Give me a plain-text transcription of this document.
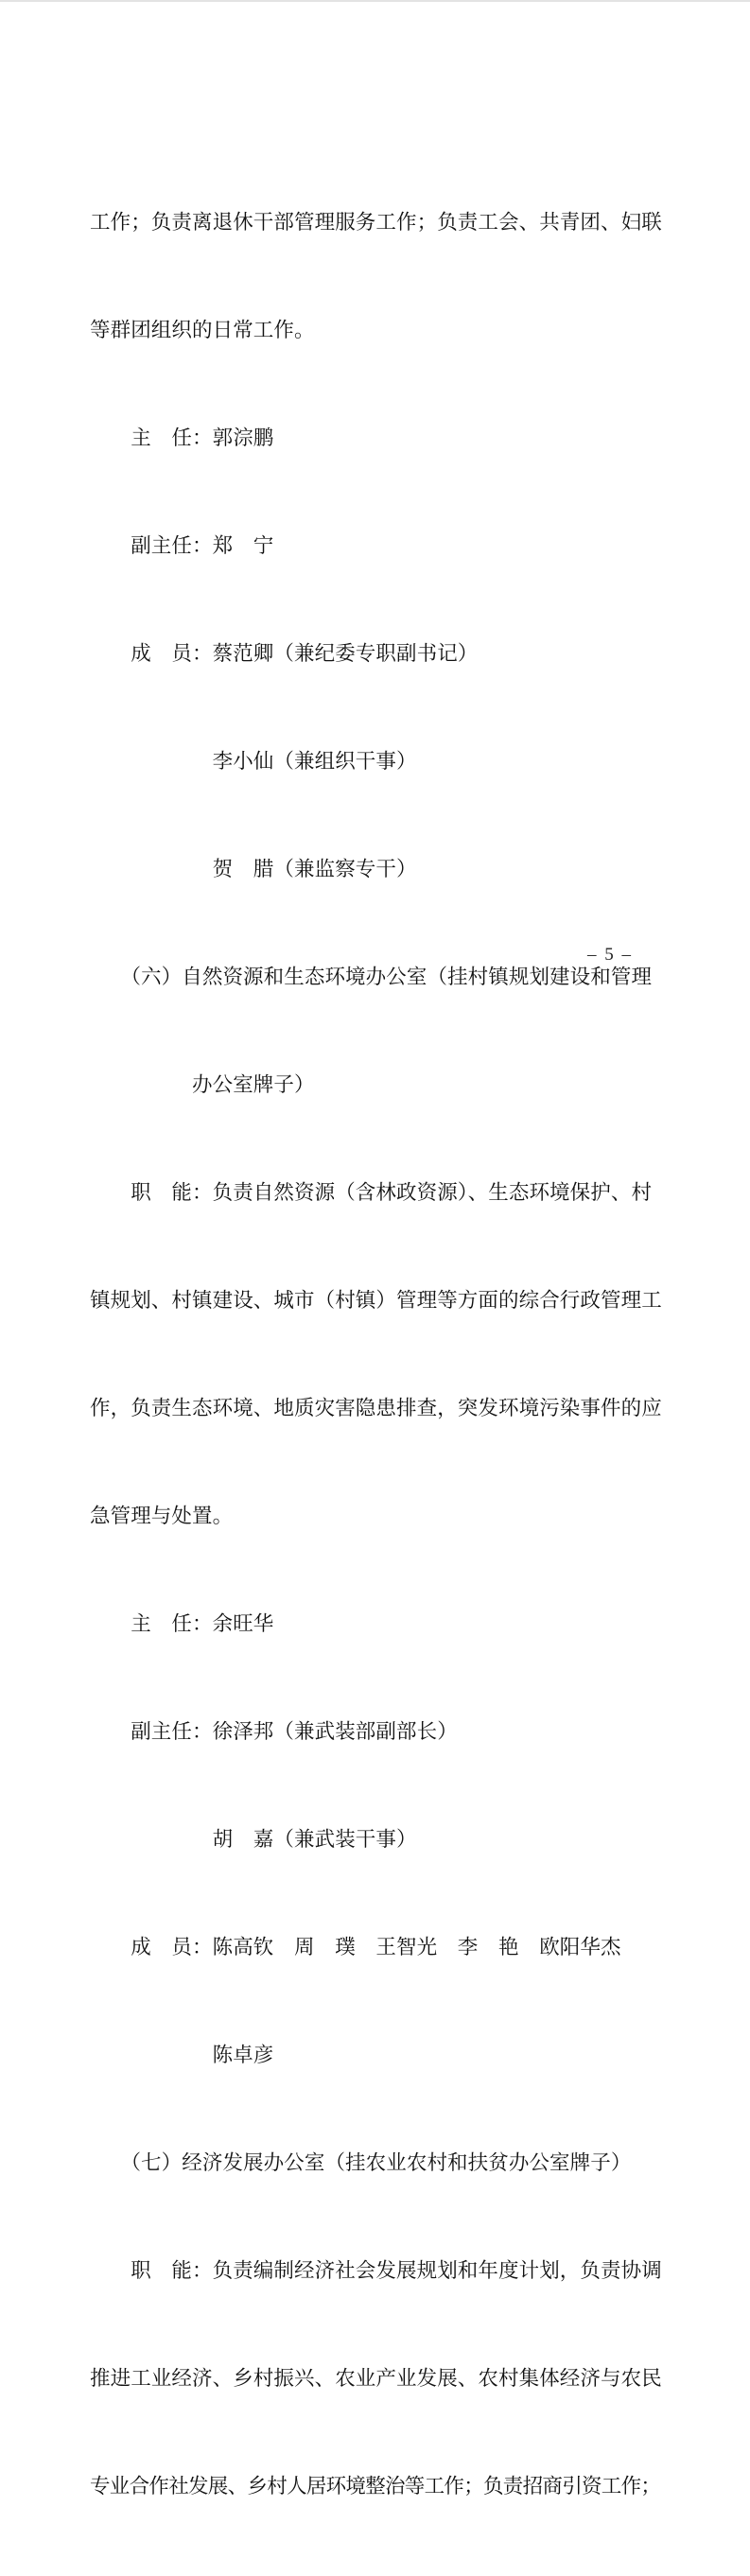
工作；负责离退休干部管理服务工作；负责工会、共青团、妇联

等群团组织的日常工作。

　　主　任：郭淙鹏

　　副主任：郑　宁

　　成　员：蔡范卿（兼纪委专职副书记）

　　　　　　李小仙（兼组织干事）

　　　　　　贺　腊（兼监察专干）

　　（六）自然资源和生态环境办公室（挂村镇规划建设和管理

　　　　　办公室牌子）

　　职　能：负责自然资源（含林政资源）、生态环境保护、村

镇规划、村镇建设、城市（村镇）管理等方面的综合行政管理工

作，负责生态环境、地质灾害隐患排查，突发环境污染事件的应

急管理与处置。

　　主　任：余旺华

　　副主任：徐泽邦（兼武装部副部长）

　　　　　　胡　嘉（兼武装干事）

　　成　员：陈高钦　周　璞　王智光　李　艳　欧阳华杰

　　　　　　陈卓彦

　　（七）经济发展办公室（挂农业农村和扶贫办公室牌子）

　　职　能：负责编制经济社会发展规划和年度计划，负责协调

推进工业经济、乡村振兴、农业产业发展、农村集体经济与农民

专业合作社发展、乡村人居环境整治等工作；负责招商引资工作；

– 5 –
